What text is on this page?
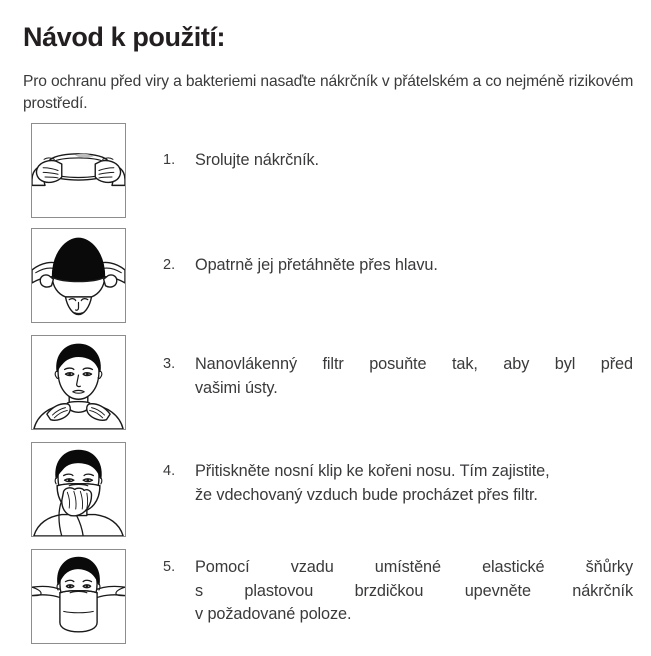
Návod k použití:

Pro ochranu před viry a bakteriemi nasaďte nákrčník v přátelském a co nejméně rizikovém prostředí.

1.	Srolujte nákrčník.
2.	Opatrně jej přetáhněte přes hlavu.
3.	Nanovlákenný filtr posuňte tak, aby byl před
vašimi ústy.
4.	Přitiskněte nosní klip ke kořeni nosu. Tím zajistite,
že vdechovaný vzduch bude procházet přes filtr.
5.	Pomocí	vzadu	umístěné	elastické	šňůrky
s	plastovou	brzdičkou	upevněte	nákrčník
v požadované poloze.
